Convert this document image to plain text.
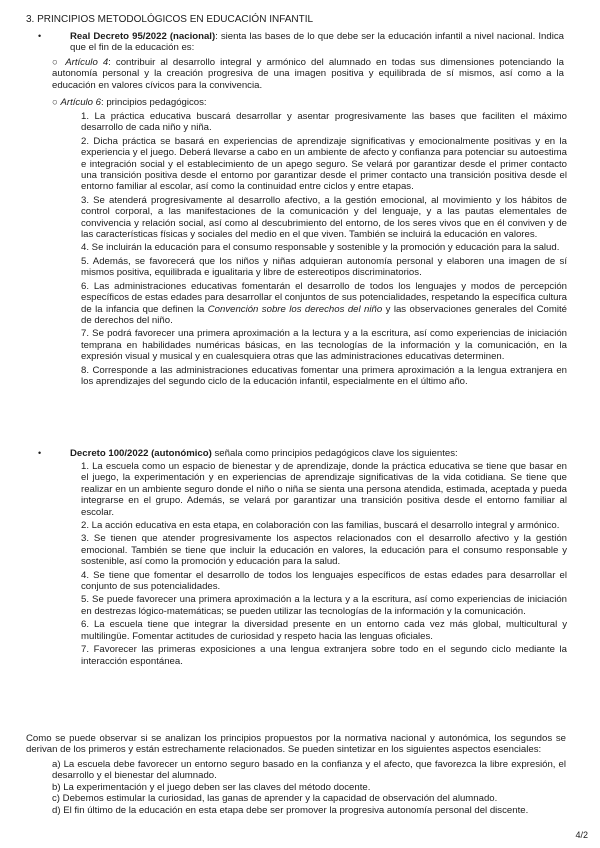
3. PRINCIPIOS METODOLÓGICOS EN EDUCACIÓN INFANTIL
•	Real Decreto 95/2022 (nacional): sienta las bases de lo que debe ser la educación infantil a nivel nacional. Indica que el fin de la educación es:

○ Artículo 4: contribuir al desarrollo integral y armónico del alumnado en todas sus dimensiones potenciando la autonomía personal y la creación progresiva de una imagen positiva y equilibrada de sí mismos, así como a la educación en valores cívicos para la convivencia.

○ Artículo 6: principios pedagógicos:

1. La práctica educativa buscará desarrollar y asentar progresivamente las bases que faciliten el máximo desarrollo de cada niño y niña.

2. Dicha práctica se basará en experiencias de aprendizaje significativas y emocionalmente positivas y en la experiencia y el juego. Deberá llevarse a cabo en un ambiente de afecto y confianza para potenciar su autoestima e integración social y el establecimiento de un apego seguro. Se velará por garantizar desde el primer contacto una transición positiva desde el entorno por garantizar desde el primer contacto una transición positiva desde el entorno familiar al escolar, así como la continuidad entre ciclos y entre etapas.

3. Se atenderá progresivamente al desarrollo afectivo, a la gestión emocional, al movimiento y los hábitos de control corporal, a las manifestaciones de la comunicación y del lenguaje, y a las pautas elementales de convivencia y relación social, así como al descubrimiento del entorno, de los seres vivos que en él conviven y de las características físicas y sociales del medio en el que viven. También se incluirá la educación en valores.

4. Se incluirán la educación para el consumo responsable y sostenible y la promoción y educación para la salud.

5. Además, se favorecerá que los niños y niñas adquieran autonomía personal y elaboren una imagen de sí mismos positiva, equilibrada e igualitaria y libre de estereotipos discriminatorios.

6. Las administraciones educativas fomentarán el desarrollo de todos los lenguajes y modos de percepción específicos de estas edades para desarrollar el conjuntos de sus potencialidades, respetando la específica cultura de la infancia que definen la Convención sobre los derechos del niño y las observaciones generales del Comité de derechos del niño.

7. Se podrá favorecer una primera aproximación a la lectura y a la escritura, así como experiencias de iniciación temprana en habilidades numéricas básicas, en las tecnologías de la información y la comunicación, en la expresión visual y musical y en cualesquiera otras que las administraciones educativas determinen.

8. Corresponde a las administraciones educativas fomentar una primera aproximación a la lengua extranjera en los aprendizajes del segundo ciclo de la educación infantil, especialmente en el último año.

•	Decreto 100/2022 (autonómico) señala como principios pedagógicos clave los siguientes:

1. La escuela como un espacio de bienestar y de aprendizaje, donde la práctica educativa se tiene que basar en el juego, la experimentación y en experiencias de aprendizaje significativas de la vida cotidiana. Se tiene que realizar en un ambiente seguro donde el niño o niña se sienta una persona atendida, estimada, aceptada y pueda integrarse en el grupo. Además, se velará por garantizar una transición positiva desde el entorno familiar al escolar.

2. La acción educativa en esta etapa, en colaboración con las familias, buscará el desarrollo integral y armónico.

3. Se tienen que atender progresivamente los aspectos relacionados con el desarrollo afectivo y la gestión emocional. También se tiene que incluir la educación en valores, la educación para el consumo responsable y sostenible, así como la promoción y educación para la salud.

4. Se tiene que fomentar el desarrollo de todos los lenguajes específicos de estas edades para desarrollar el conjunto de sus potencialidades.

5. Se puede favorecer una primera aproximación a la lectura y a la escritura, así como experiencias de iniciación en destrezas lógico-matemáticas; se pueden utilizar las tecnologías de la información y la comunicación.

6. La escuela tiene que integrar la diversidad presente en un entorno cada vez más global, multicultural y multilingüe. Fomentar actitudes de curiosidad y respeto hacia las lenguas oficiales.

7. Favorecer las primeras exposiciones a una lengua extranjera sobre todo en el segundo ciclo mediante la interacción espontánea.

Como se puede observar si se analizan los principios propuestos por la normativa nacional y autonómica, los segundos se derivan de los primeros y están estrechamente relacionados. Se pueden sintetizar en los siguientes aspectos esenciales:

a) La escuela debe favorecer un entorno seguro basado en la confianza y el afecto, que favorezca la libre expresión, el desarrollo y el bienestar del alumnado.

b) La experimentación y el juego deben ser las claves del método docente.

c) Debemos estimular la curiosidad, las ganas de aprender y la capacidad de observación del alumnado.

d) El fin último de la educación en esta etapa debe ser promover la progresiva autonomía personal del discente.

4/2
